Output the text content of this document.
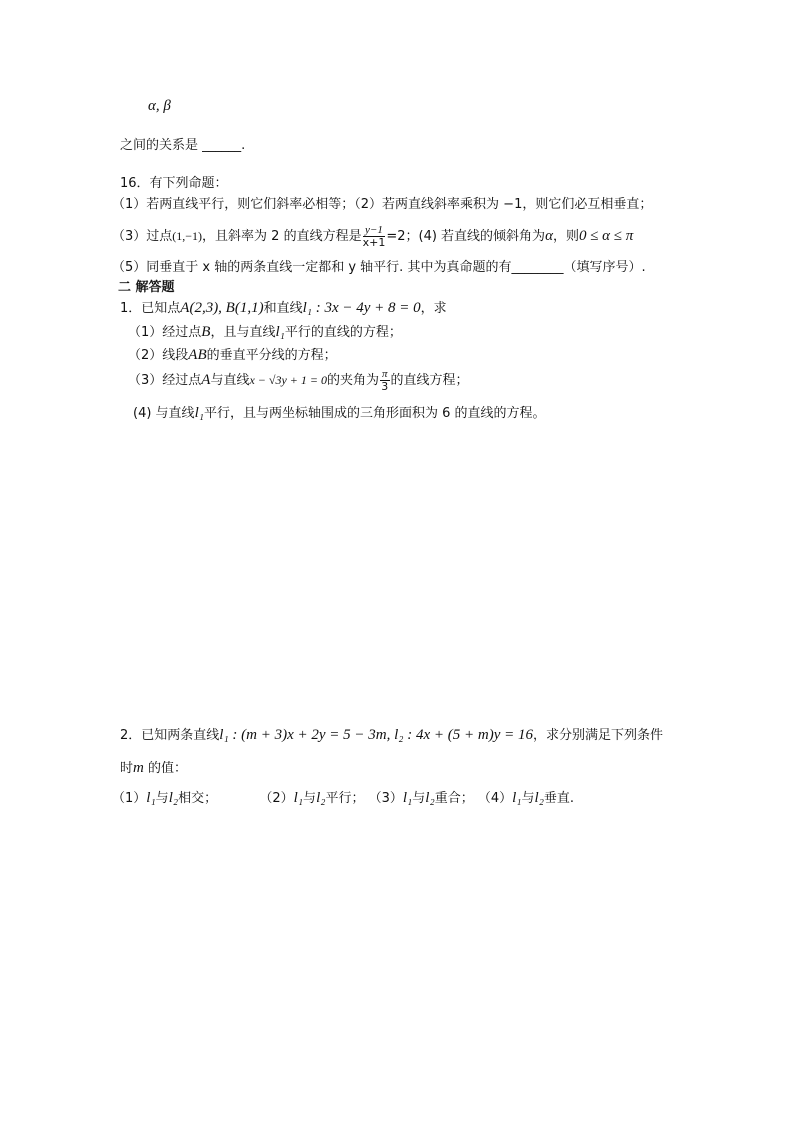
α, β
之间的关系是 ______.
16．有下列命题：
（1）若两直线平行，则它们斜率必相等；（2）若两直线斜率乘积为 −1，则它们必互相垂直；
（3）过点(1,−1)，且斜率为 2 的直线方程是 $\frac{y-1}{x+1} =2$；(4) 若直线的倾斜角为α，则0 ≤ α ≤ π
（5）同垂直于 x 轴的两条直线一定都和 y 轴平行. 其中为真命题的有________（填写序号）.
二 解答题
1．已知点A(2,3), B(1,1)和直线l₁ : 3x − 4y + 8 = 0，求
（1）经过点B，且与直线l₁平行的直线的方程；
（2）线段AB的垂直平分线的方程；
（3）经过点A与直线x − √3y + 1 = 0的夹角为 $\frac{\pi}{3}$ 的直线方程；
(4) 与直线l₁平行，且与两坐标轴围成的三角形面积为 6 的直线的方程。
2．已知两条直线l₁ : (m + 3)x + 2y = 5 − 3m, l₂ : 4x + (5 + m)y = 16，求分别满足下列条件
时m 的值：
（1）l₁与l₂相交；	（2）l₁与l₂平行； （3）l₁与l₂重合； （4）l₁与l₂垂直.
